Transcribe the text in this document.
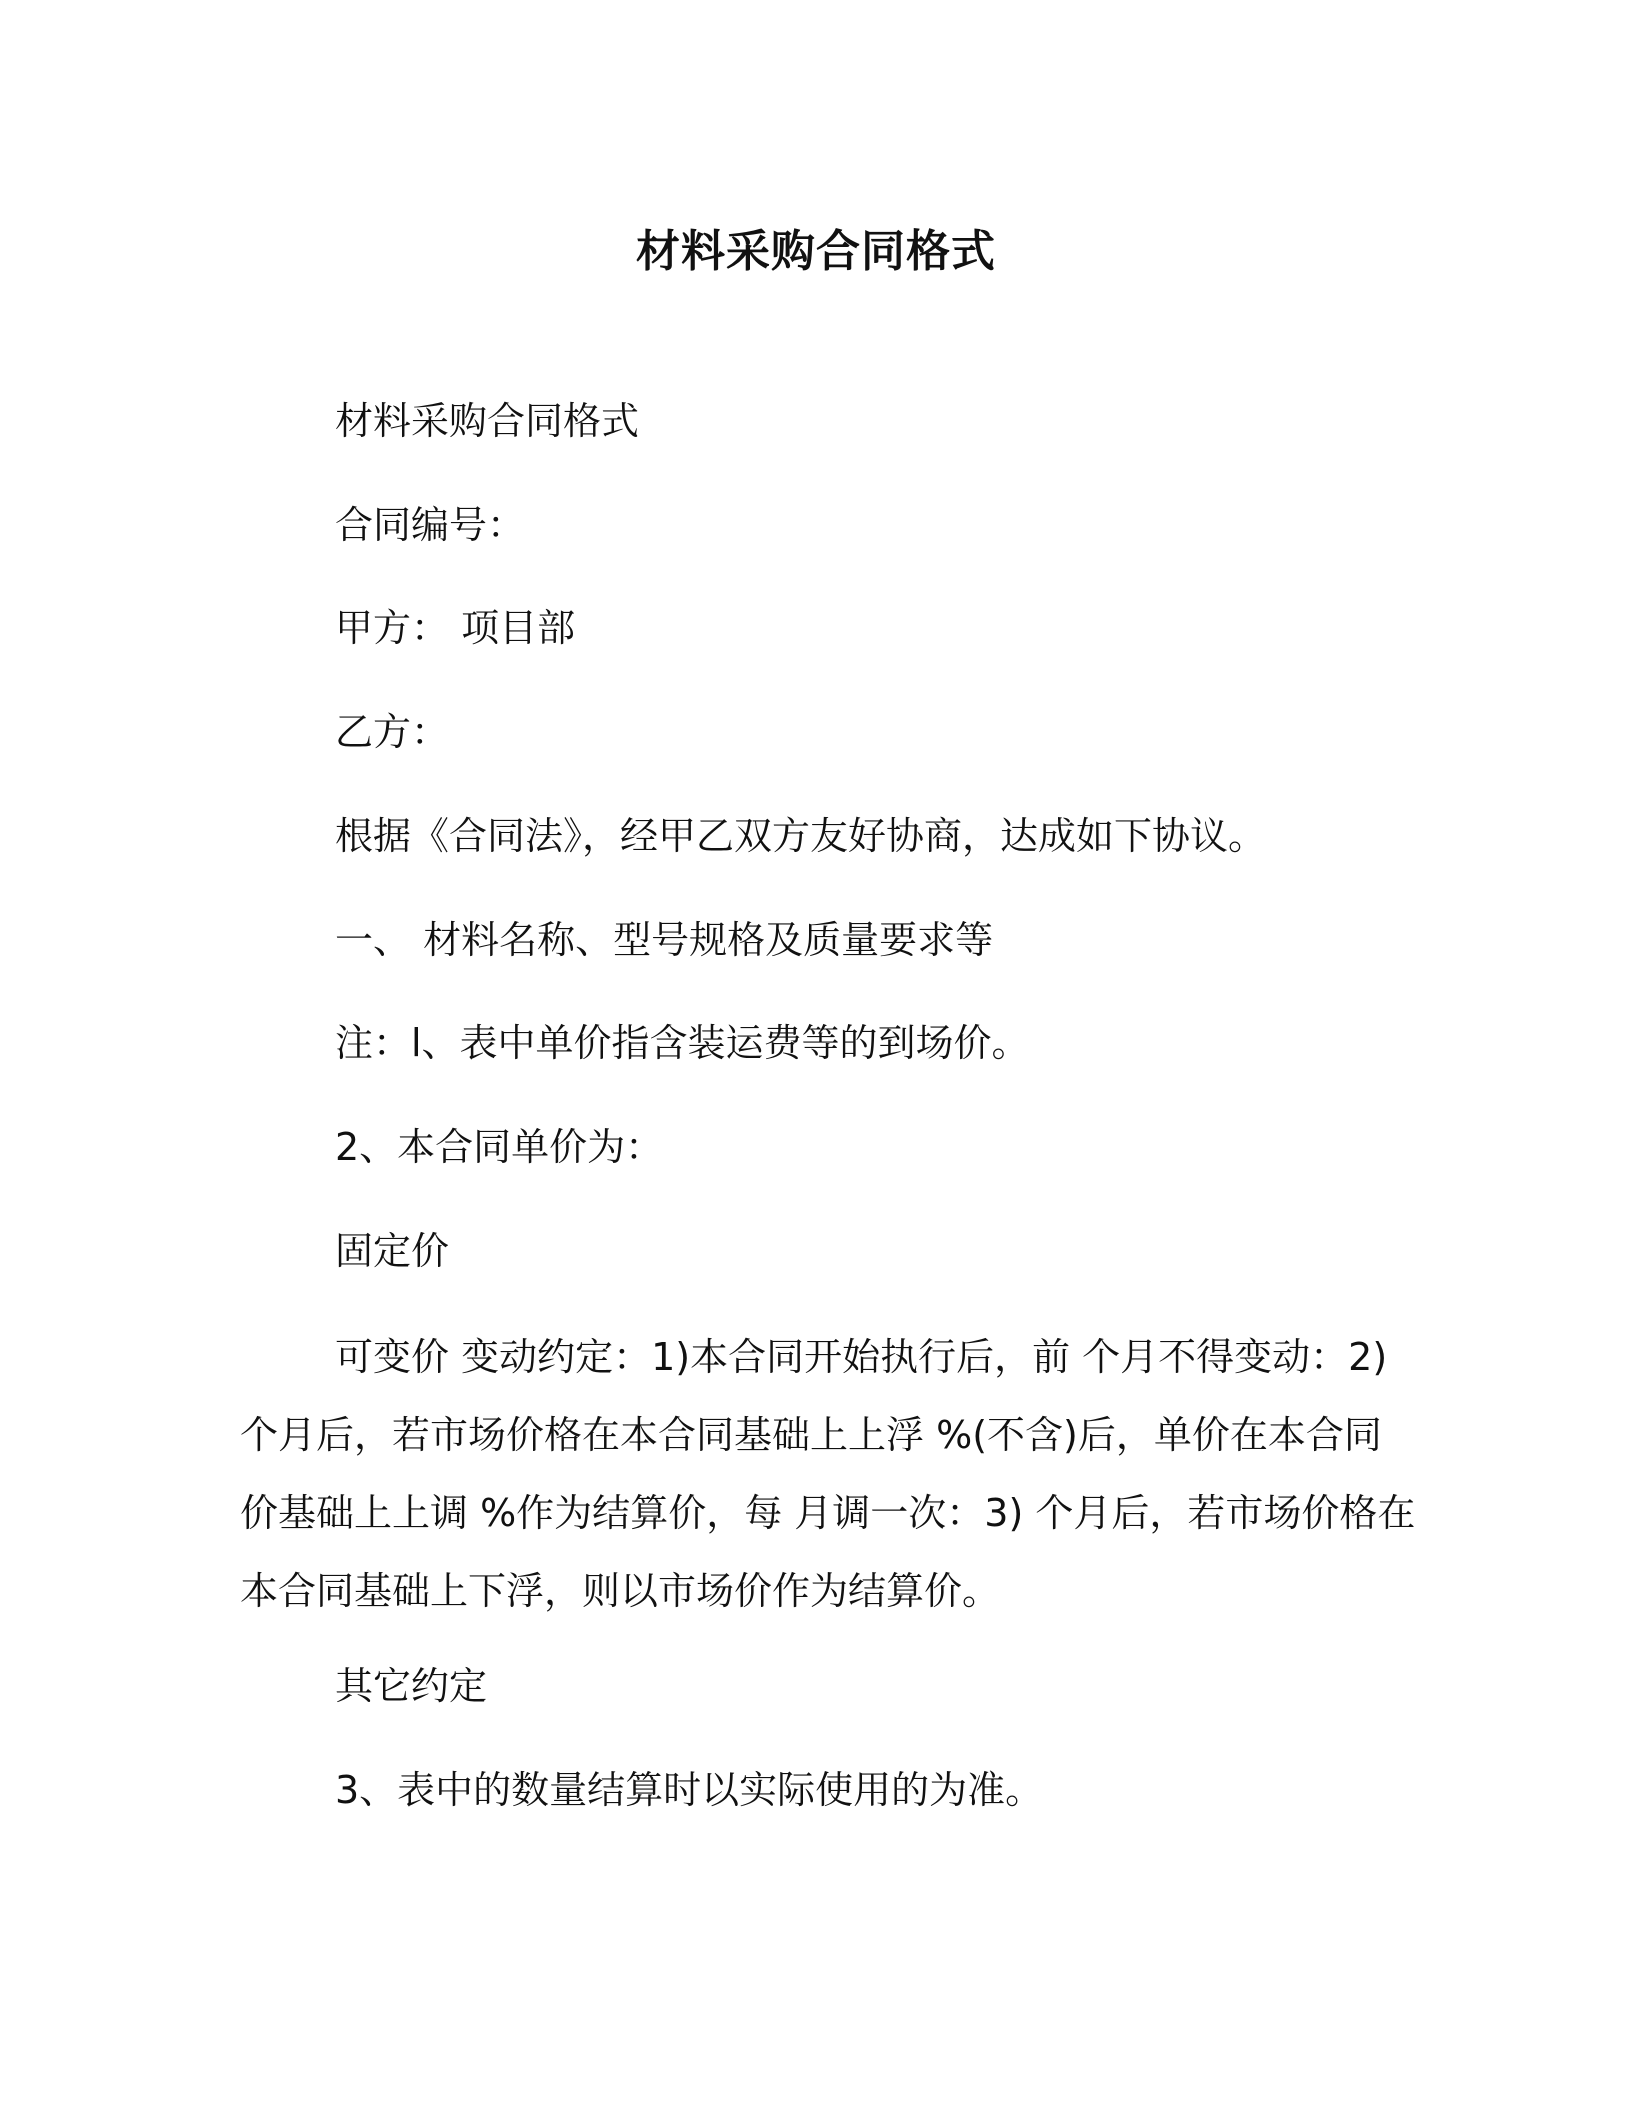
材料采购合同格式
材料采购合同格式
合同编号：
甲方： 项目部
乙方：
根据《合同法》，经甲乙双方友好协商，达成如下协议。
一、 材料名称、型号规格及质量要求等
注：l、表中单价指含装运费等的到场价。
2、本合同单价为：
固定价
可变价 变动约定：1)本合同开始执行后，前 个月不得变动：2)
个月后，若市场价格在本合同基础上上浮 %(不含)后，单价在本合同
价基础上上调 %作为结算价，每 月调一次：3) 个月后，若市场价格在
本合同基础上下浮，则以市场价作为结算价。
其它约定
3、表中的数量结算时以实际使用的为准。
